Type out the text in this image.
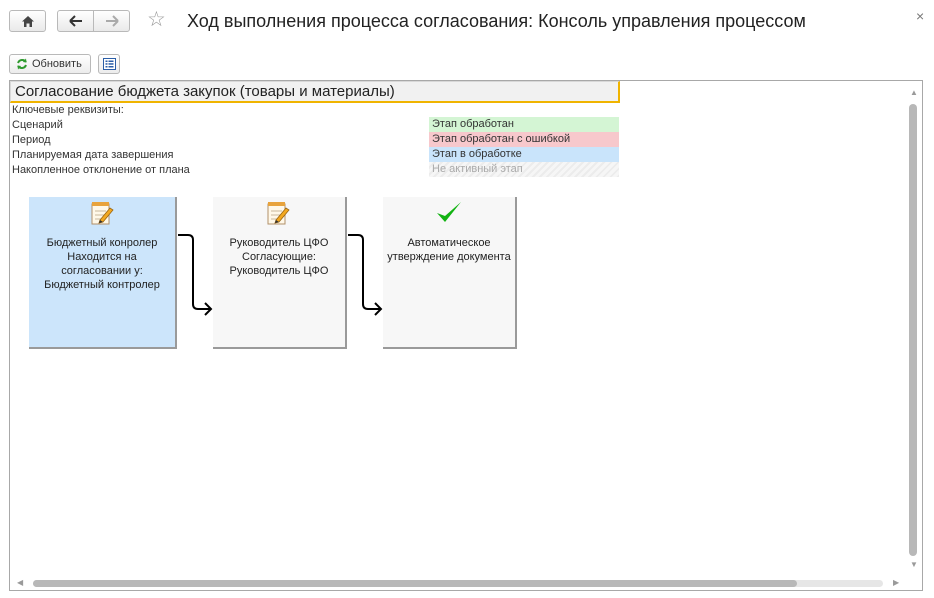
☆ Ход выполнения процесса согласования: Консоль управления процессом	×
Обновить
Согласование бюджета закупок (товары и материалы)
Ключевые реквизиты:
Сценарий
Период
Планируемая дата завершения
Накопленное отклонение от плана
Этап обработан
Этап обработан с ошибкой
Этап в обработке
Не активный этап
Бюджетный конролер
Находится на
согласовании у:
Бюджетный контролер
Руководитель ЦФО
Согласующие:
Руководитель ЦФО
Автоматическое
утверждение документа
▲
▼
◀	▶
